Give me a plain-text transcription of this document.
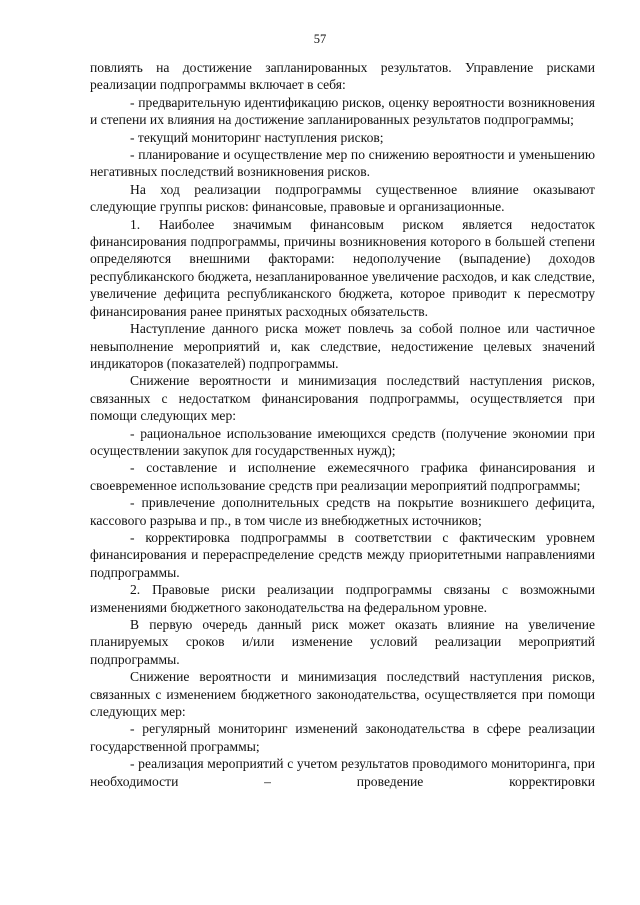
57

повлиять на достижение запланированных результатов. Управление рисками реализации подпрограммы включает в себя:

- предварительную идентификацию рисков, оценку вероятности возникновения и степени их влияния на достижение запланированных результатов подпрограммы;

- текущий мониторинг наступления рисков;

- планирование и осуществление мер по снижению вероятности и уменьшению негативных последствий возникновения рисков.

На ход реализации подпрограммы существенное влияние оказывают следующие группы рисков: финансовые, правовые и организационные.

1. Наиболее значимым финансовым риском является недостаток финансирования подпрограммы, причины возникновения которого в большей степени определяются внешними факторами: недополучение (выпадение) доходов республиканского бюджета, незапланированное увеличение расходов, и как следствие, увеличение дефицита республиканского бюджета, которое приводит к пересмотру финансирования ранее принятых расходных обязательств.

Наступление данного риска может повлечь за собой полное или частичное невыполнение мероприятий и, как следствие, недостижение целевых значений индикаторов (показателей) подпрограммы.

Снижение вероятности и минимизация последствий наступления рисков, связанных с недостатком финансирования подпрограммы, осуществляется при помощи следующих мер:

- рациональное использование имеющихся средств (получение экономии при осуществлении закупок для государственных нужд);

- составление и исполнение ежемесячного графика финансирования и своевременное использование средств при реализации мероприятий подпрограммы;

- привлечение дополнительных средств на покрытие возникшего дефицита, кассового разрыва и пр., в том числе из внебюджетных источников;

- корректировка подпрограммы в соответствии с фактическим уровнем финансирования и перераспределение средств между приоритетными направлениями подпрограммы.

2. Правовые риски реализации подпрограммы связаны с возможными изменениями бюджетного законодательства на федеральном уровне.

В первую очередь данный риск может оказать влияние на увеличение планируемых сроков и/или изменение условий реализации мероприятий подпрограммы.

Снижение вероятности и минимизация последствий наступления рисков, связанных с изменением бюджетного законодательства, осуществляется при помощи следующих мер:

- регулярный мониторинг изменений законодательства в сфере реализации государственной программы;

- реализация мероприятий с учетом результатов проводимого мониторинга, при необходимости – проведение корректировки
